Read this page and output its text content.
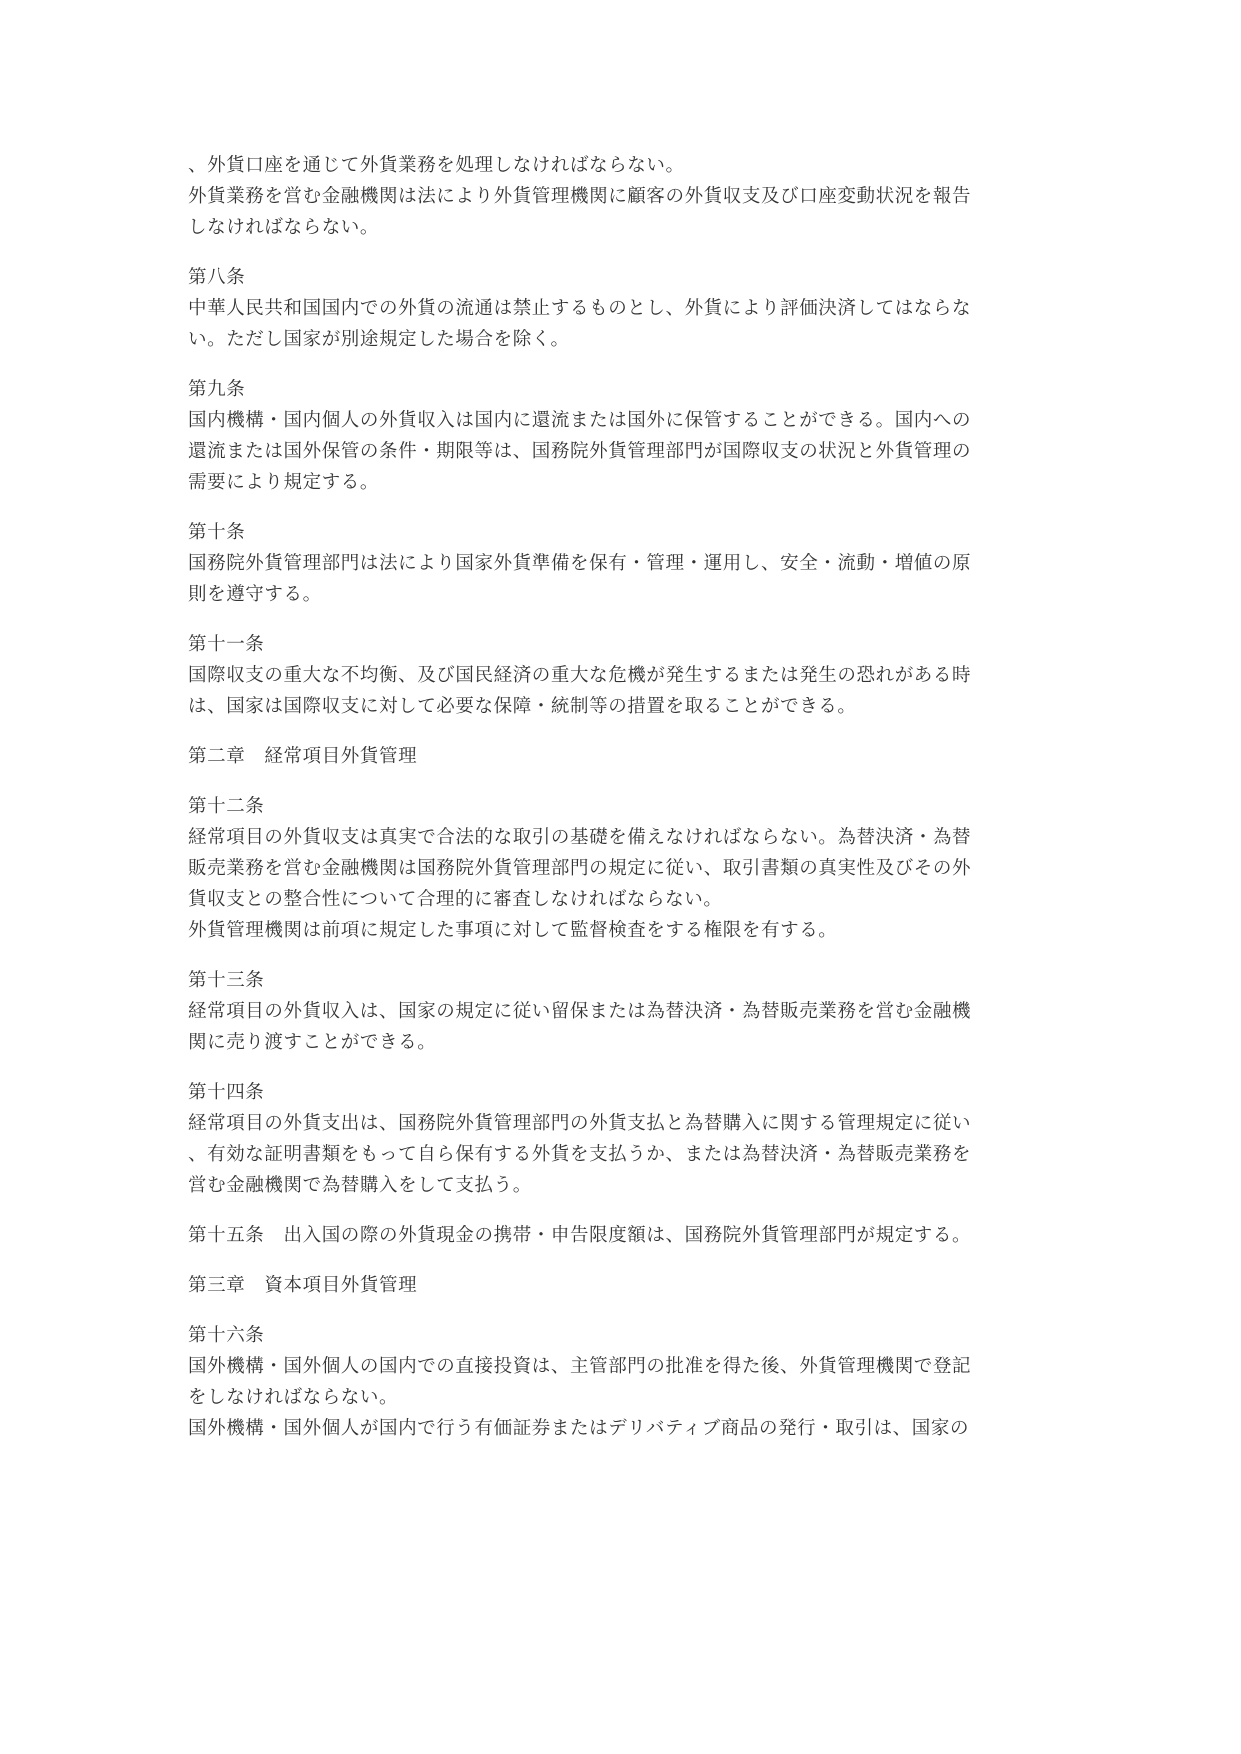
、外貨口座を通じて外貨業務を処理しなければならない。
外貨業務を営む金融機関は法により外貨管理機関に顧客の外貨収支及び口座変動状況を報告
しなければならない。
第八条
中華人民共和国国内での外貨の流通は禁止するものとし、外貨により評価決済してはならな
い。ただし国家が別途規定した場合を除く。
第九条
国内機構・国内個人の外貨収入は国内に還流または国外に保管することができる。国内への
還流または国外保管の条件・期限等は、国務院外貨管理部門が国際収支の状況と外貨管理の
需要により規定する。
第十条
国務院外貨管理部門は法により国家外貨準備を保有・管理・運用し、安全・流動・増値の原
則を遵守する。
第十一条
国際収支の重大な不均衡、及び国民経済の重大な危機が発生するまたは発生の恐れがある時
は、国家は国際収支に対して必要な保障・統制等の措置を取ることができる。
第二章　経常項目外貨管理
第十二条
経常項目の外貨収支は真実で合法的な取引の基礎を備えなければならない。為替決済・為替
販売業務を営む金融機関は国務院外貨管理部門の規定に従い、取引書類の真実性及びその外
貨収支との整合性について合理的に審査しなければならない。
外貨管理機関は前項に規定した事項に対して監督検査をする権限を有する。
第十三条
経常項目の外貨収入は、国家の規定に従い留保または為替決済・為替販売業務を営む金融機
関に売り渡すことができる。
第十四条
経常項目の外貨支出は、国務院外貨管理部門の外貨支払と為替購入に関する管理規定に従い
、有効な証明書類をもって自ら保有する外貨を支払うか、または為替決済・為替販売業務を
営む金融機関で為替購入をして支払う。
第十五条　出入国の際の外貨現金の携帯・申告限度額は、国務院外貨管理部門が規定する。
第三章　資本項目外貨管理
第十六条
国外機構・国外個人の国内での直接投資は、主管部門の批准を得た後、外貨管理機関で登記
をしなければならない。
国外機構・国外個人が国内で行う有価証券またはデリバティブ商品の発行・取引は、国家の
